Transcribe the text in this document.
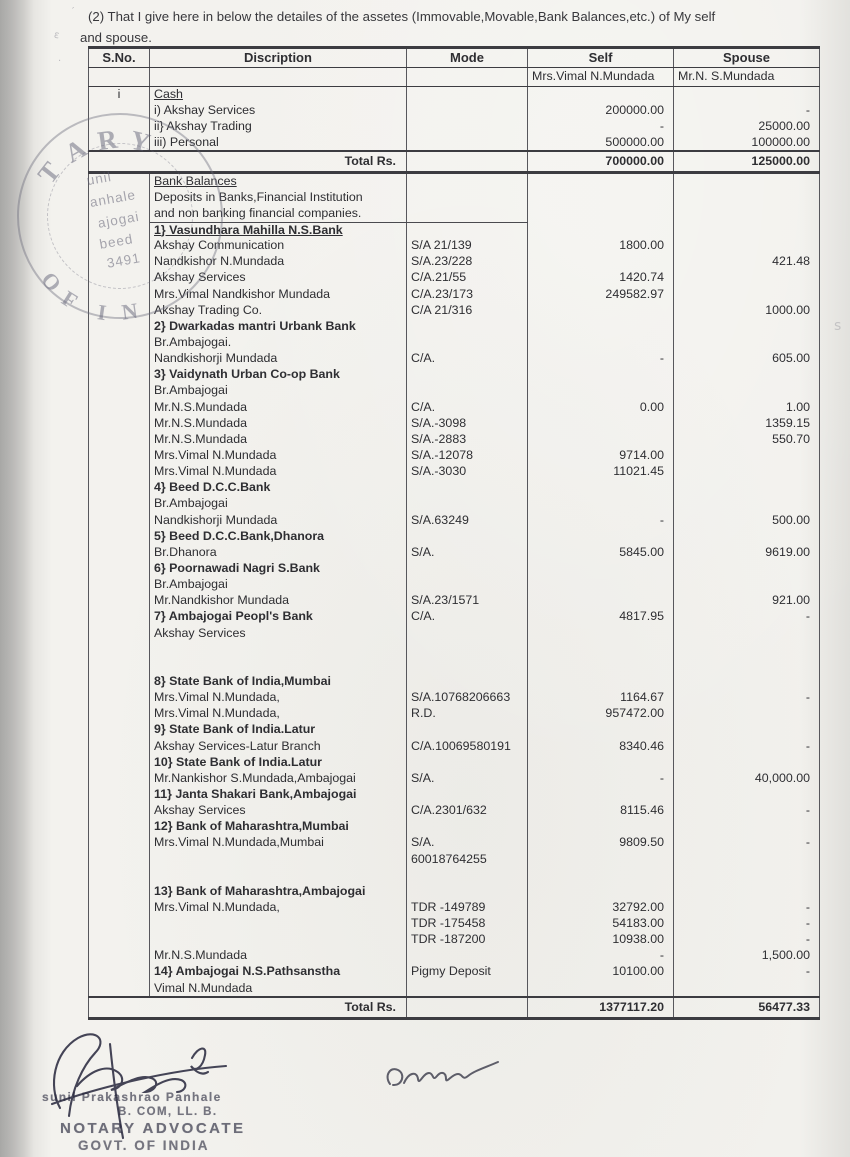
(2) That I give here in below the detailes of the assetes (Immovable,Movable,Bank Balances,etc.) of My self
and spouse.
S.No.	Discription	Mode	Self	Spouse
			Mrs.Vimal N.Mundada	Mr.N. S.Mundada
i	Cash			
	i) Akshay Services		200000.00	-
	ii} Akshay Trading		-	25000.00
	iii) Personal		500000.00	100000.00
Total Rs.			700000.00	125000.00
	Bank Balances			
	Deposits in Banks,Financial Institution			
	and non banking financial companies.			
	1} Vasundhara Mahilla N.S.Bank			
	Akshay Communication	S/A 21/139	1800.00	
	Nandkishor N.Mundada	S/A.23/228		421.48
	Akshay Services	C/A.21/55	1420.74	
	Mrs.Vimal Nandkishor Mundada	C/A.23/173	249582.97	
	Akshay Trading Co.	C/A 21/316		1000.00
	2} Dwarkadas mantri Urbank Bank			
	Br.Ambajogai.			
	Nandkishorji Mundada	C/A.	-	605.00
	3} Vaidynath Urban Co-op Bank			
	Br.Ambajogai			
	Mr.N.S.Mundada	C/A.	0.00	1.00
	Mr.N.S.Mundada	S/A.-3098		1359.15
	Mr.N.S.Mundada	S/A.-2883		550.70
	Mrs.Vimal N.Mundada	S/A.-12078	9714.00	
	Mrs.Vimal N.Mundada	S/A.-3030	11021.45	
	4} Beed D.C.C.Bank			
	Br.Ambajogai			
	Nandkishorji Mundada	S/A.63249	-	500.00
	5} Beed D.C.C.Bank,Dhanora			
	Br.Dhanora	S/A.	5845.00	9619.00
	6} Poornawadi Nagri S.Bank			
	Br.Ambajogai			
	Mr.Nandkishor Mundada	S/A.23/1571		921.00
	7} Ambajogai Peopl's Bank	C/A.	4817.95	-
	Akshay Services			

	8} State Bank of India,Mumbai			
	Mrs.Vimal N.Mundada,	S/A.10768206663	1164.67	-
	Mrs.Vimal N.Mundada,	R.D.	957472.00	
	9} State Bank of India.Latur			
	Akshay Services-Latur Branch	C/A.10069580191	8340.46	-
	10} State Bank of India.Latur			
	Mr.Nankishor S.Mundada,Ambajogai	S/A.	-	40,000.00
	11} Janta Shakari Bank,Ambajogai			
	Akshay Services	C/A.2301/632	8115.46	-
	12} Bank of Maharashtra,Mumbai			
	Mrs.Vimal N.Mundada,Mumbai	S/A.	9809.50	-
		60018764255		

	13} Bank of Maharashtra,Ambajogai			
	Mrs.Vimal N.Mundada,	TDR -149789	32792.00	-
		TDR -175458	54183.00	-
		TDR -187200	10938.00	-
	Mr.N.S.Mundada		-	1,500.00
	14} Ambajogai N.S.Pathsanstha	Pigmy Deposit	10100.00	-
	Vimal N.Mundada			
Total Rs.			1377117.20	56477.33
T
A R Y
O
F I N
unil
anhale
ajogai
beed
3491
sunil Prakashrao Panhale
B. COM, LL. B.
NOTARY ADVOCATE
GOVT. OF INDIA
′
ε
·
s
